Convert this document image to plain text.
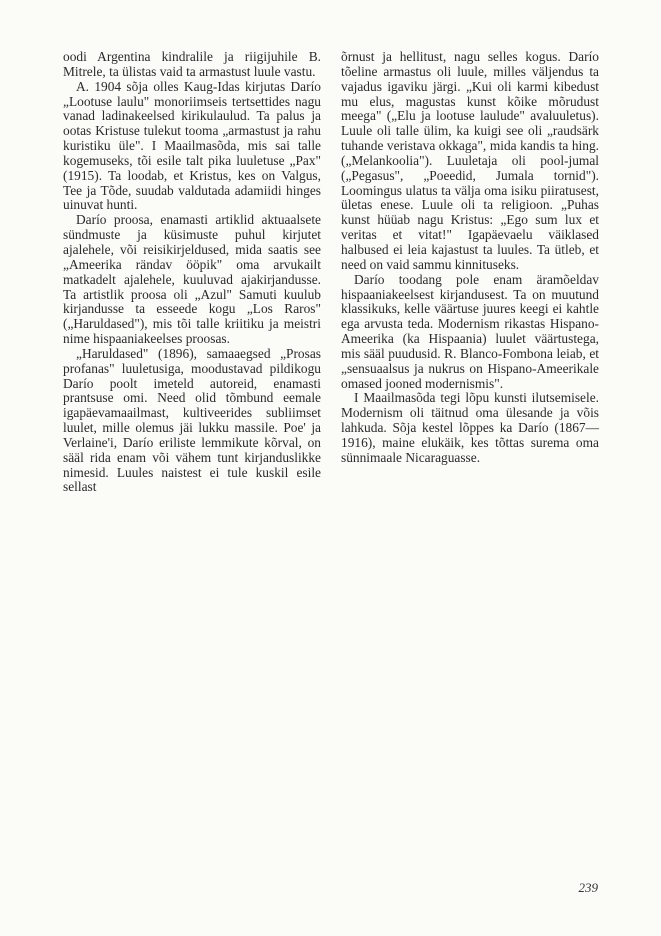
oodi Argentina kindralile ja riigijuhile B. Mitrele, ta ülistas vaid ta armastust luule vastu.

A. 1904 sõja olles Kaug-Idas kirjutas Darío „Lootuse laulu" monoriimseis tertsettides nagu vanad ladinakeelsed kirikulaulud. Ta palus ja ootas Kristuse tulekut tooma „armastust ja rahu kuristiku üle". I Maailmasõda, mis sai talle kogemuseks, tõi esile talt pika luuletuse „Pax" (1915). Ta loodab, et Kristus, kes on Valgus, Tee ja Tõde, suudab valdutada adamiidi hinges uinuvat hunti.

Darío proosa, enamasti artiklid aktuaalsete sündmuste ja küsimuste puhul kirjutet ajalehele, või reisikirjeldused, mida saatis see „Ameerika rändav ööpik" oma arvukailt matkadelt ajalehele, kuuluvad ajakirjandusse. Ta artistlik proosa oli „Azul" Samuti kuulub kirjandusse ta esseede kogu „Los Raros" („Haruldased"), mis tõi talle kriitiku ja meistri nime hispaaniakeelses proosas.

„Haruldased" (1896), samaaegsed „Prosas profanas" luuletusiga, moodustavad pildikogu Darío poolt imeteld autoreid, enamasti prantsuse omi. Need olid tõmbund eemale igapäevamaailmast, kultiveerides subliimset luulet, mille olemus jäi lukku massile. Poe' ja Verlaine'i, Darío eriliste lemmikute kõrval, on sääl rida enam või vähem tunt kirjanduslikke nimesid. Luules naistest ei tule kuskil esile sellast

õrnust ja hellitust, nagu selles kogus. Darío tõeline armastus oli luule, milles väljendus ta vajadus igaviku järgi. „Kui oli karmi kibedust mu elus, magustas kunst kõike mõrudust meega" („Elu ja lootuse laulude" avaluuletus). Luule oli talle ülim, ka kuigi see oli „raudsärk tuhande veristava okkaga", mida kandis ta hing. („Melankoolia"). Luuletaja oli pool-jumal („Pegasus", „Poeedid, Jumala tornid"). Loomingus ulatus ta välja oma isiku piiratusest, ületas enese. Luule oli ta religioon. „Puhas kunst hüüab nagu Kristus: „Ego sum lux et veritas et vitat!" Igapäevaelu väiklased halbused ei leia kajastust ta luules. Ta ütleb, et need on vaid sammu kinnituseks.

Darío toodang pole enam äramõeldav hispaaniakeelsest kirjandusest. Ta on muutund klassikuks, kelle väärtuse juures keegi ei kahtle ega arvusta teda. Modernism rikastas Hispano-Ameerika (ka Hispaania) luulet väärtustega, mis sääl puudusid. R. Blanco-Fombona leiab, et „sensuaalsus ja nukrus on Hispano-Ameerikale omased jooned modernismis".

I Maailmasõda tegi lõpu kunsti ilutsemisele. Modernism oli täitnud oma ülesande ja võis lahkuda. Sõja kestel lõppes ka Darío (1867—1916), maine elukäik, kes tõttas surema oma sünnimaale Nicaraguasse.

239
